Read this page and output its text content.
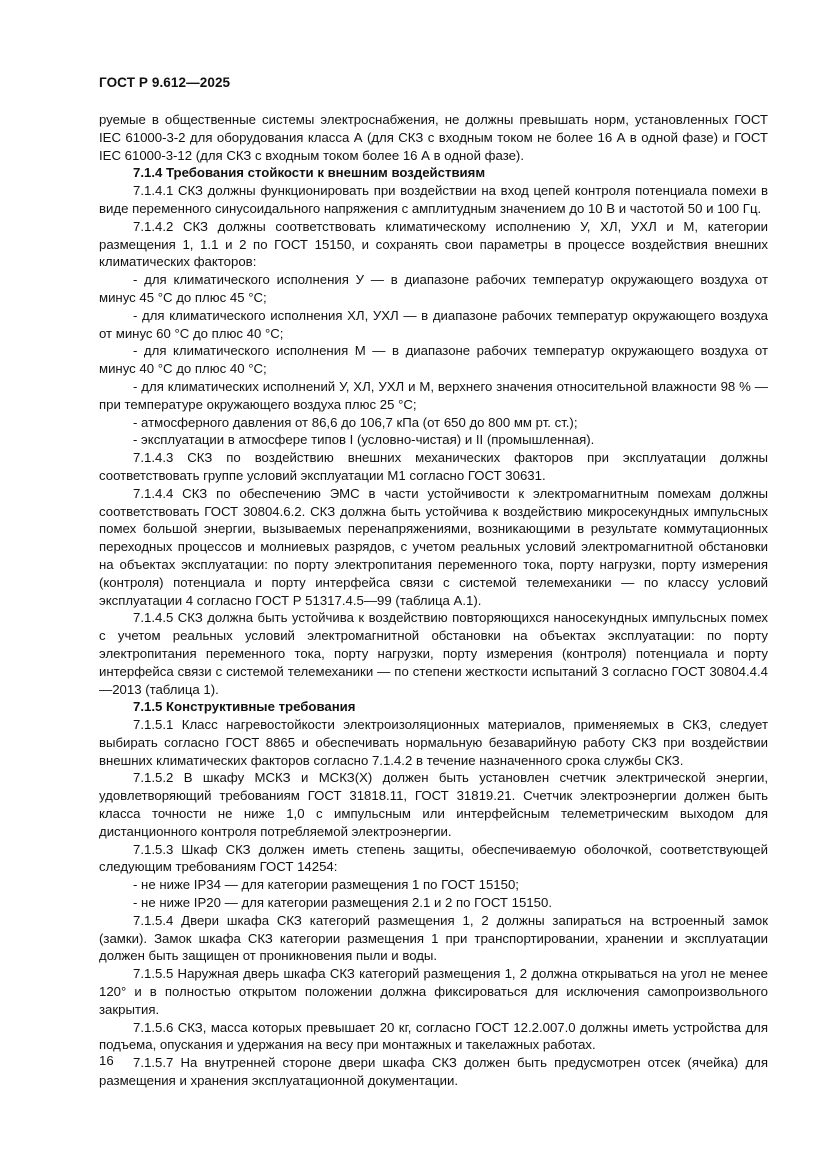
ГОСТ Р 9.612—2025

руемые в общественные системы электроснабжения, не должны превышать норм, установленных ГОСТ IEC 61000-3-2 для оборудования класса А (для СКЗ с входным током не более 16 А в одной фазе) и ГОСТ IEC 61000-3-12 (для СКЗ с входным током более 16 А в одной фазе).

7.1.4 Требования стойкости к внешним воздействиям

7.1.4.1 СКЗ должны функционировать при воздействии на вход цепей контроля потенциала помехи в виде переменного синусоидального напряжения с амплитудным значением до 10 В и частотой 50 и 100 Гц.

7.1.4.2 СКЗ должны соответствовать климатическому исполнению У, ХЛ, УХЛ и М, категории размещения 1, 1.1 и 2 по ГОСТ 15150, и сохранять свои параметры в процессе воздействия внешних климатических факторов:

- для климатического исполнения У — в диапазоне рабочих температур окружающего воздуха от минус 45 °С до плюс 45 °С;

- для климатического исполнения ХЛ, УХЛ — в диапазоне рабочих температур окружающего воздуха от минус 60 °С до плюс 40 °С;

- для климатического исполнения М — в диапазоне рабочих температур окружающего воздуха от минус 40 °С до плюс 40 °С;

- для климатических исполнений У, ХЛ, УХЛ и М, верхнего значения относительной влажности 98 % — при температуре окружающего воздуха плюс 25 °С;

- атмосферного давления от 86,6 до 106,7 кПа (от 650 до 800 мм рт. ст.);

- эксплуатации в атмосфере типов I (условно-чистая) и II (промышленная).

7.1.4.3 СКЗ по воздействию внешних механических факторов при эксплуатации должны соответствовать группе условий эксплуатации М1 согласно ГОСТ 30631.

7.1.4.4 СКЗ по обеспечению ЭМС в части устойчивости к электромагнитным помехам должны соответствовать ГОСТ 30804.6.2. СКЗ должна быть устойчива к воздействию микросекундных импульсных помех большой энергии, вызываемых перенапряжениями, возникающими в результате коммутационных переходных процессов и молниевых разрядов, с учетом реальных условий электромагнитной обстановки на объектах эксплуатации: по порту электропитания переменного тока, порту нагрузки, порту измерения (контроля) потенциала и порту интерфейса связи с системой телемеханики — по классу условий эксплуатации 4 согласно ГОСТ Р 51317.4.5—99 (таблица А.1).

7.1.4.5 СКЗ должна быть устойчива к воздействию повторяющихся наносекундных импульсных помех с учетом реальных условий электромагнитной обстановки на объектах эксплуатации: по порту электропитания переменного тока, порту нагрузки, порту измерения (контроля) потенциала и порту интерфейса связи с системой телемеханики — по степени жесткости испытаний 3 согласно ГОСТ 30804.4.4—2013 (таблица 1).

7.1.5 Конструктивные требования

7.1.5.1 Класс нагревостойкости электроизоляционных материалов, применяемых в СКЗ, следует выбирать согласно ГОСТ 8865 и обеспечивать нормальную безаварийную работу СКЗ при воздействии внешних климатических факторов согласно 7.1.4.2 в течение назначенного срока службы СКЗ.

7.1.5.2 В шкафу МСКЗ и МСКЗ(Х) должен быть установлен счетчик электрической энергии, удовлетворяющий требованиям ГОСТ 31818.11, ГОСТ 31819.21. Счетчик электроэнергии должен быть класса точности не ниже 1,0 с импульсным или интерфейсным телеметрическим выходом для дистанционного контроля потребляемой электроэнергии.

7.1.5.3 Шкаф СКЗ должен иметь степень защиты, обеспечиваемую оболочкой, соответствующей следующим требованиям ГОСТ 14254:

- не ниже IP34 — для категории размещения 1 по ГОСТ 15150;

- не ниже IP20 — для категории размещения 2.1 и 2 по ГОСТ 15150.

7.1.5.4 Двери шкафа СКЗ категорий размещения 1, 2 должны запираться на встроенный замок (замки). Замок шкафа СКЗ категории размещения 1 при транспортировании, хранении и эксплуатации должен быть защищен от проникновения пыли и воды.

7.1.5.5 Наружная дверь шкафа СКЗ категорий размещения 1, 2 должна открываться на угол не менее 120° и в полностью открытом положении должна фиксироваться для исключения самопроизвольного закрытия.

7.1.5.6 СКЗ, масса которых превышает 20 кг, согласно ГОСТ 12.2.007.0 должны иметь устройства для подъема, опускания и удержания на весу при монтажных и такелажных работах.

7.1.5.7 На внутренней стороне двери шкафа СКЗ должен быть предусмотрен отсек (ячейка) для размещения и хранения эксплуатационной документации.

16
